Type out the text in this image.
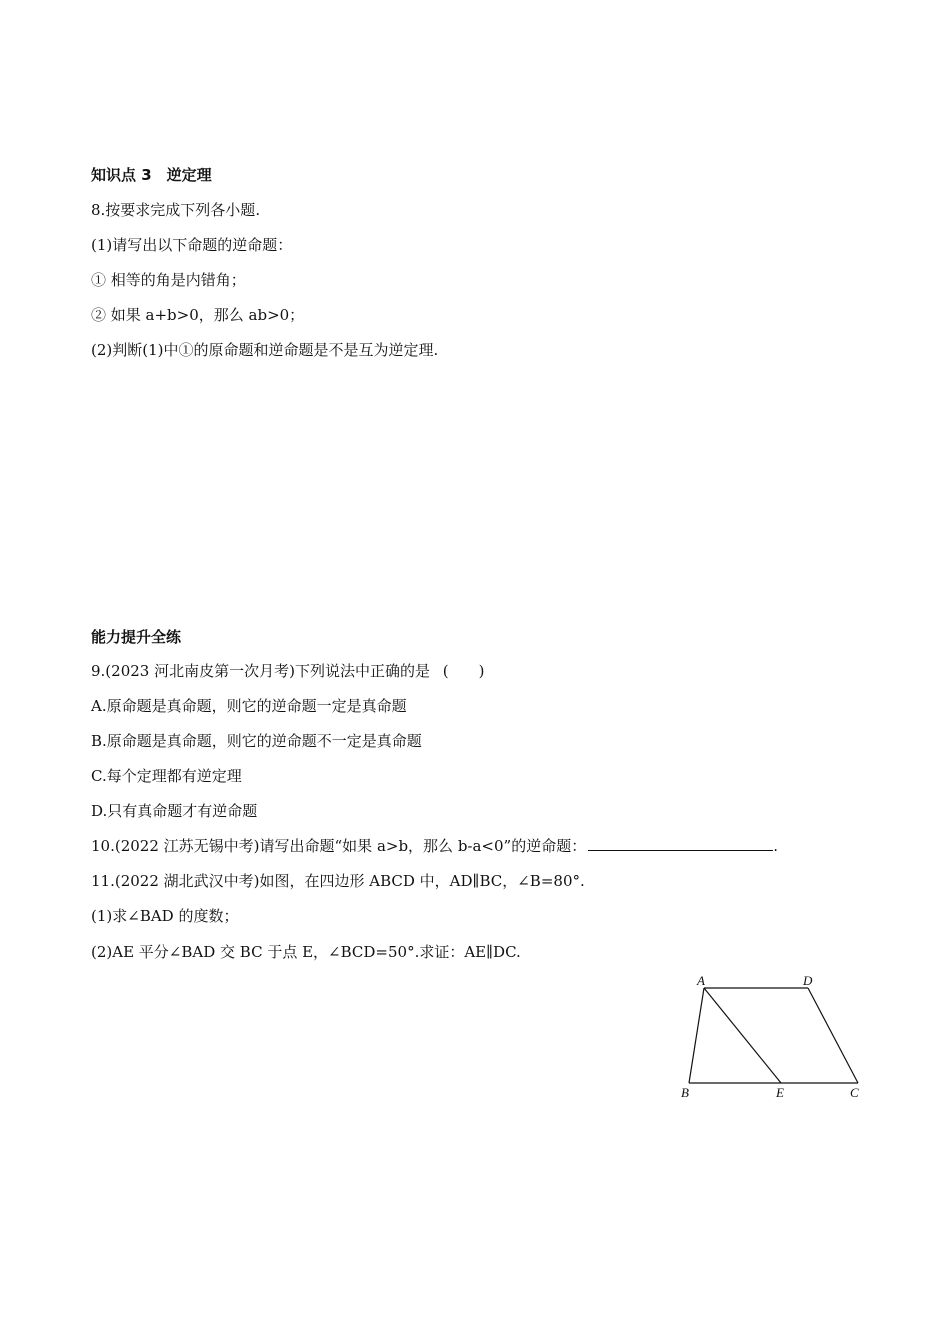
知识点 3　逆定理
8.按要求完成下列各小题.
(1)请写出以下命题的逆命题：
① 相等的角是内错角；
② 如果 a+b>0，那么 ab>0；
(2)判断(1)中①的原命题和逆命题是不是互为逆定理.
能力提升全练
9.(2023 河北南皮第一次月考)下列说法中正确的是 ( )
A.原命题是真命题，则它的逆命题一定是真命题
B.原命题是真命题，则它的逆命题不一定是真命题
C.每个定理都有逆定理
D.只有真命题才有逆命题
10.(2022 江苏无锡中考)请写出命题“如果 a>b，那么 b-a<0”的逆命题：	.
11.(2022 湖北武汉中考)如图，在四边形 ABCD 中，AD∥BC，∠B=80°.
(1)求∠BAD 的度数；
(2)AE 平分∠BAD 交 BC 于点 E，∠BCD=50°.求证：AE∥DC.
A	D
B	E	C
